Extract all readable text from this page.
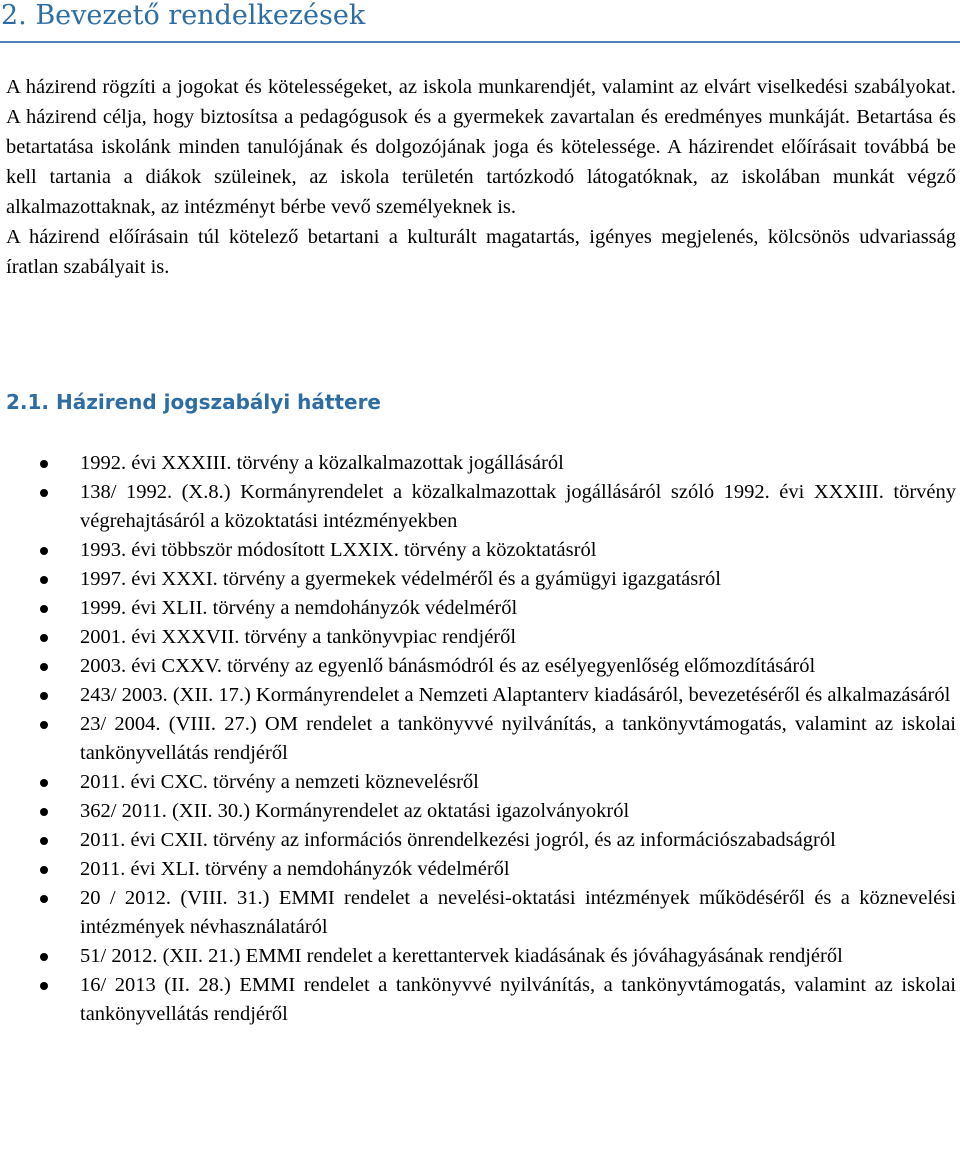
2. Bevezető rendelkezések
A házirend rögzíti a jogokat és kötelességeket, az iskola munkarendjét, valamint az elvárt viselkedési szabályokat. A házirend célja, hogy biztosítsa a pedagógusok és a gyermekek zavartalan és eredményes munkáját. Betartása és betartatása iskolánk minden tanulójának és dolgozójának joga és kötelessége. A házirendet előírásait továbbá be kell tartania a diákok szüleinek, az iskola területén tartózkodó látogatóknak, az iskolában munkát végző alkalmazottaknak, az intézményt bérbe vevő személyeknek is.
A házirend előírásain túl kötelező betartani a kulturált magatartás, igényes megjelenés, kölcsönös udvariasság íratlan szabályait is.
2.1. Házirend jogszabályi háttere
1992. évi XXXIII. törvény a közalkalmazottak jogállásáról
138/ 1992. (X.8.) Kormányrendelet a közalkalmazottak jogállásáról szóló 1992. évi XXXIII. törvény végrehajtásáról a közoktatási intézményekben
1993. évi többször módosított LXXIX. törvény a közoktatásról
1997. évi XXXI. törvény a gyermekek védelméről és a gyámügyi igazgatásról
1999. évi XLII. törvény a nemdohányzók védelméről
2001. évi XXXVII. törvény a tankönyvpiac rendjéről
2003. évi CXXV. törvény az egyenlő bánásmódról és az esélyegyenlőség előmozdításáról
243/ 2003. (XII. 17.) Kormányrendelet a Nemzeti Alaptanterv kiadásáról, bevezetéséről és alkalmazásáról
23/ 2004. (VIII. 27.) OM rendelet a tankönyvvé nyilvánítás, a tankönyvtámogatás, valamint az iskolai tankönyvellátás rendjéről
2011. évi CXC. törvény a nemzeti köznevelésről
362/ 2011. (XII. 30.) Kormányrendelet az oktatási igazolványokról
2011. évi CXII. törvény az információs önrendelkezési jogról, és az információszabadságról
2011. évi XLI. törvény a nemdohányzók védelméről
20 / 2012. (VIII. 31.) EMMI rendelet a nevelési-oktatási intézmények működéséről és a köznevelési intézmények névhasználatáról
51/ 2012. (XII. 21.) EMMI rendelet a kerettantervek kiadásának és jóváhagyásának rendjéről
16/ 2013 (II. 28.) EMMI rendelet a tankönyvvé nyilvánítás, a tankönyvtámogatás, valamint az iskolai tankönyvellátás rendjéről
